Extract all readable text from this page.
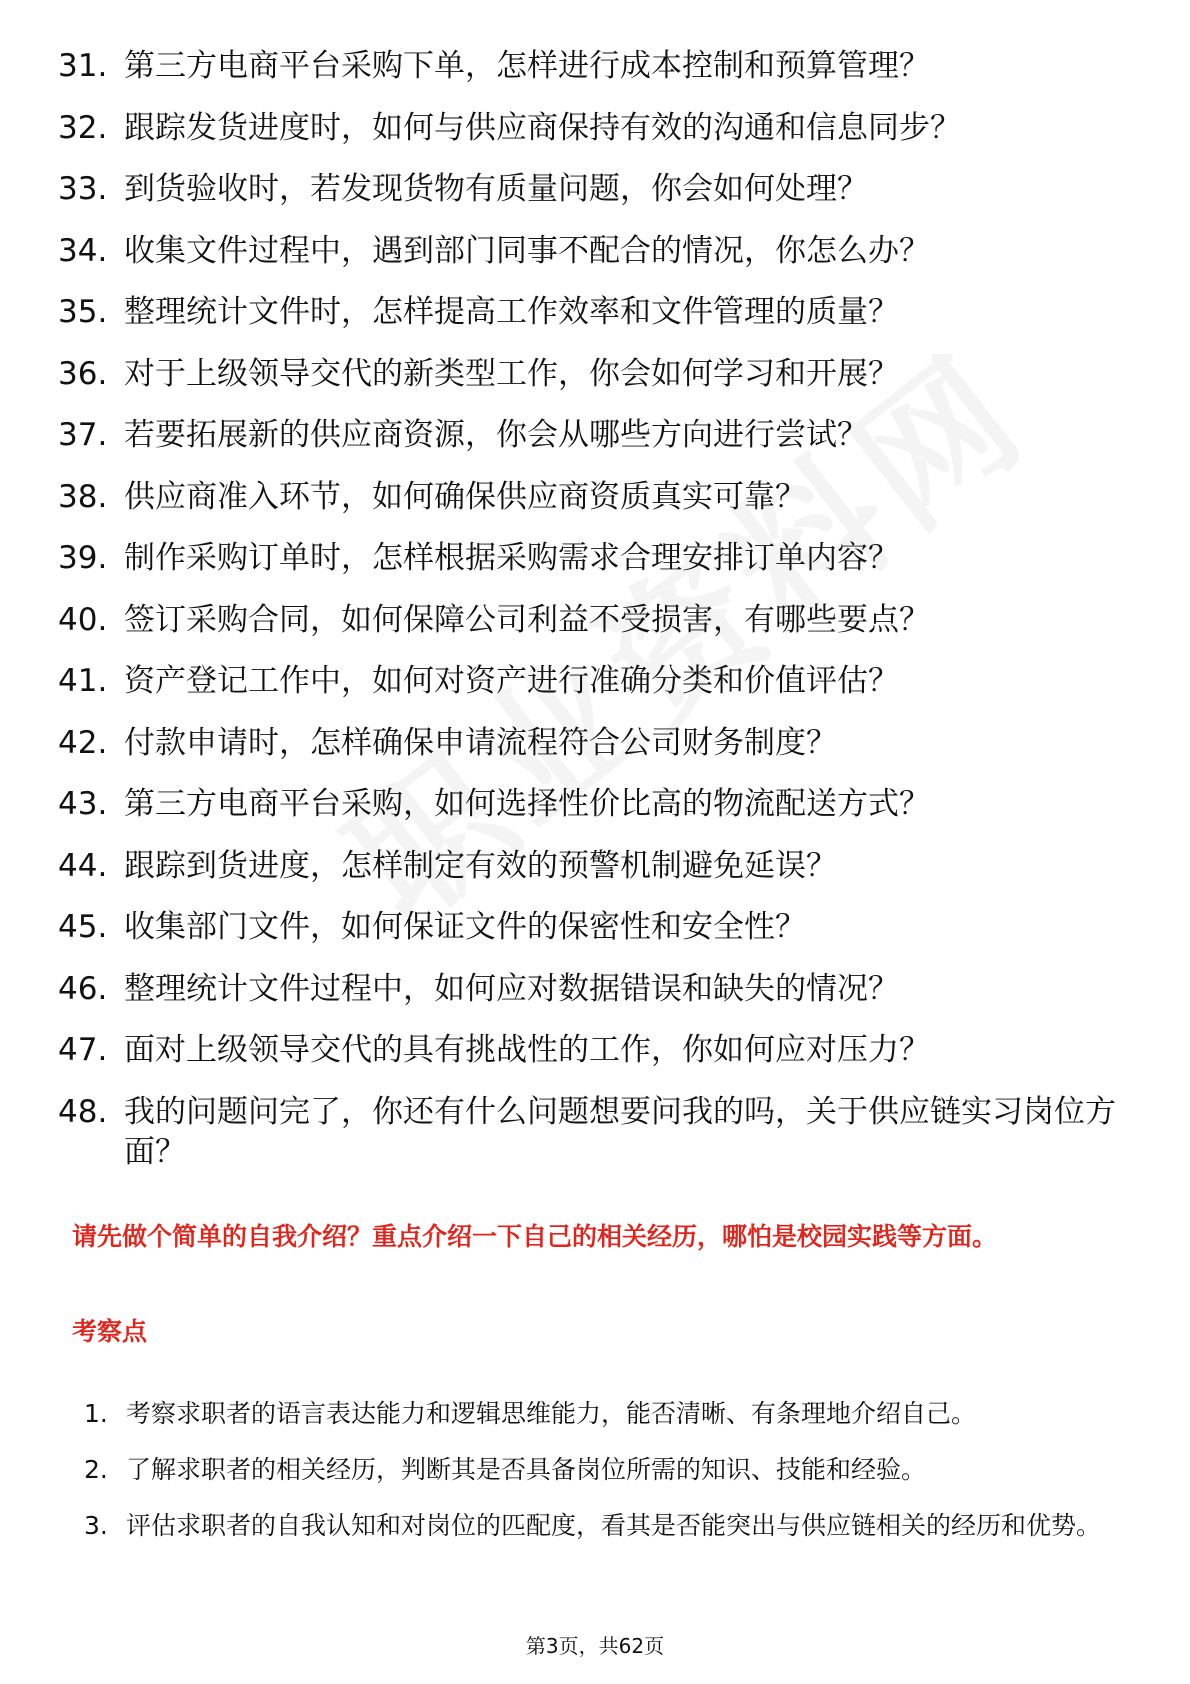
31. 第三方电商平台采购下单，怎样进行成本控制和预算管理？
32. 跟踪发货进度时，如何与供应商保持有效的沟通和信息同步？
33. 到货验收时，若发现货物有质量问题，你会如何处理？
34. 收集文件过程中，遇到部门同事不配合的情况，你怎么办？
35. 整理统计文件时，怎样提高工作效率和文件管理的质量？
36. 对于上级领导交代的新类型工作，你会如何学习和开展？
37. 若要拓展新的供应商资源，你会从哪些方向进行尝试？
38. 供应商准入环节，如何确保供应商资质真实可靠？
39. 制作采购订单时，怎样根据采购需求合理安排订单内容？
40. 签订采购合同，如何保障公司利益不受损害，有哪些要点？
41. 资产登记工作中，如何对资产进行准确分类和价值评估？
42. 付款申请时，怎样确保申请流程符合公司财务制度？
43. 第三方电商平台采购，如何选择性价比高的物流配送方式？
44. 跟踪到货进度，怎样制定有效的预警机制避免延误？
45. 收集部门文件，如何保证文件的保密性和安全性？
46. 整理统计文件过程中，如何应对数据错误和缺失的情况？
47. 面对上级领导交代的具有挑战性的工作，你如何应对压力？
48. 我的问题问完了，你还有什么问题想要问我的吗，关于供应链实习岗位方面？
请先做个简单的自我介绍？重点介绍一下自己的相关经历，哪怕是校园实践等方面。
考察点
1. 考察求职者的语言表达能力和逻辑思维能力，能否清晰、有条理地介绍自己。
2. 了解求职者的相关经历，判断其是否具备岗位所需的知识、技能和经验。
3. 评估求职者的自我认知和对岗位的匹配度，看其是否能突出与供应链相关的经历和优势。
第3页，共62页
